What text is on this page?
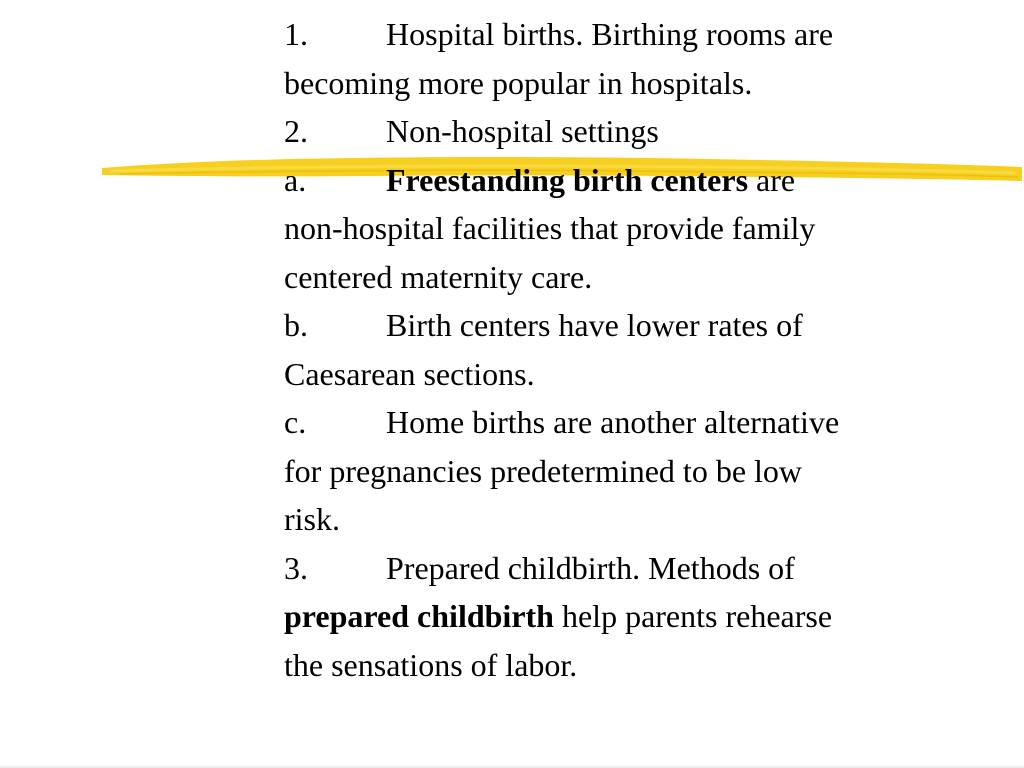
1. Hospital births. Birthing rooms are
becoming more popular in hospitals.
2. Non-hospital settings
a. Freestanding birth centers are
non-hospital facilities that provide family
centered maternity care.
b. Birth centers have lower rates of
Caesarean sections.
c. Home births are another alternative
for pregnancies predetermined to be low
risk.
3. Prepared childbirth. Methods of
prepared childbirth help parents rehearse
the sensations of labor.
